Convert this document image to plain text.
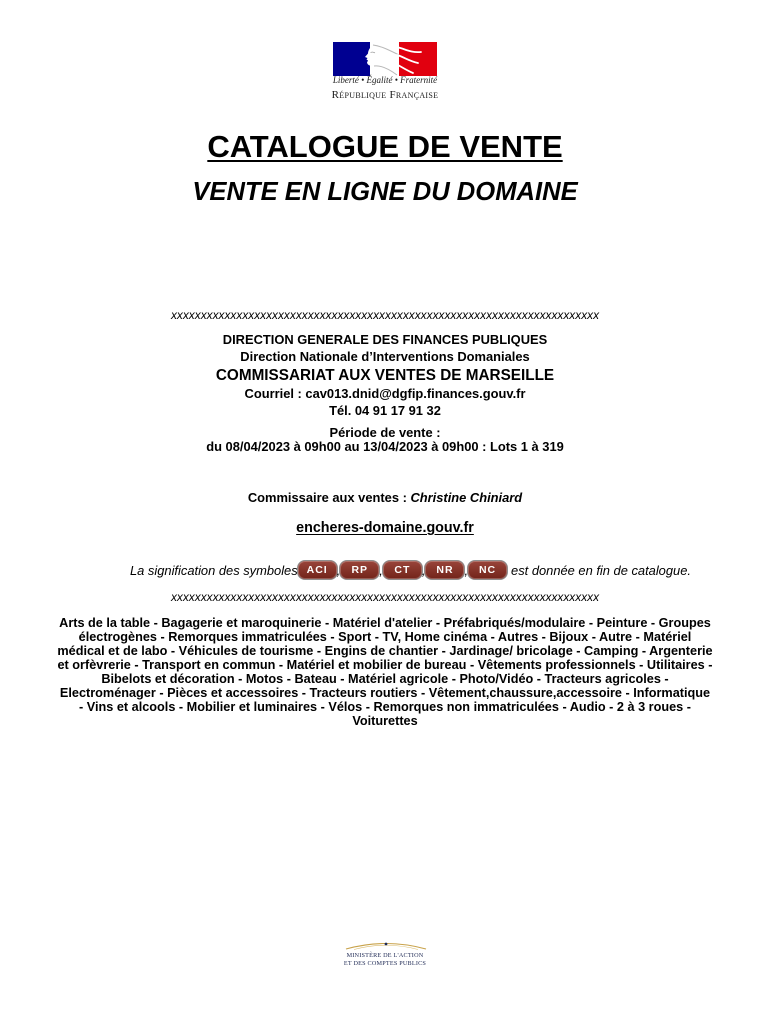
Liberté • Égalité • Fraternité
République Française
CATALOGUE DE VENTE
VENTE EN LIGNE DU DOMAINE
xxxxxxxxxxxxxxxxxxxxxxxxxxxxxxxxxxxxxxxxxxxxxxxxxxxxxxxxxxxxxxxxxxxxxxxx
DIRECTION GENERALE DES FINANCES PUBLIQUES
Direction Nationale d’Interventions Domaniales
COMMISSARIAT AUX VENTES DE MARSEILLE
Courriel : cav013.dnid@dgfip.finances.gouv.fr
Tél. 04 91 17 91 32
Période de vente :
du 08/04/2023 à 09h00 au 13/04/2023 à 09h00 : Lots 1 à 319
Commissaire aux ventes : Christine Chiniard
encheres-domaine.gouv.fr
La signification des symboles ACI ,	RP ,	CT ,	NR ,	NC	est donnée en fin de catalogue.
xxxxxxxxxxxxxxxxxxxxxxxxxxxxxxxxxxxxxxxxxxxxxxxxxxxxxxxxxxxxxxxxxxxxxxxx
Arts de la table - Bagagerie et maroquinerie - Matériel d'atelier - Préfabriqués/modulaire - Peinture - Groupes
électrogènes - Remorques immatriculées - Sport - TV, Home cinéma - Autres - Bijoux - Autre - Matériel
médical et de labo - Véhicules de tourisme - Engins de chantier - Jardinage/ bricolage - Camping - Argenterie
et orfèvrerie - Transport en commun - Matériel et mobilier de bureau - Vêtements professionnels - Utilitaires -
Bibelots et décoration - Motos - Bateau - Matériel agricole - Photo/Vidéo - Tracteurs agricoles -
Electroménager - Pièces et accessoires - Tracteurs routiers - Vêtement,chaussure,accessoire - Informatique
- Vins et alcools - Mobilier et luminaires - Vélos - Remorques non immatriculées - Audio - 2 à 3 roues -
Voiturettes
MINISTÈRE DE L'ACTION
ET DES COMPTES PUBLICS
